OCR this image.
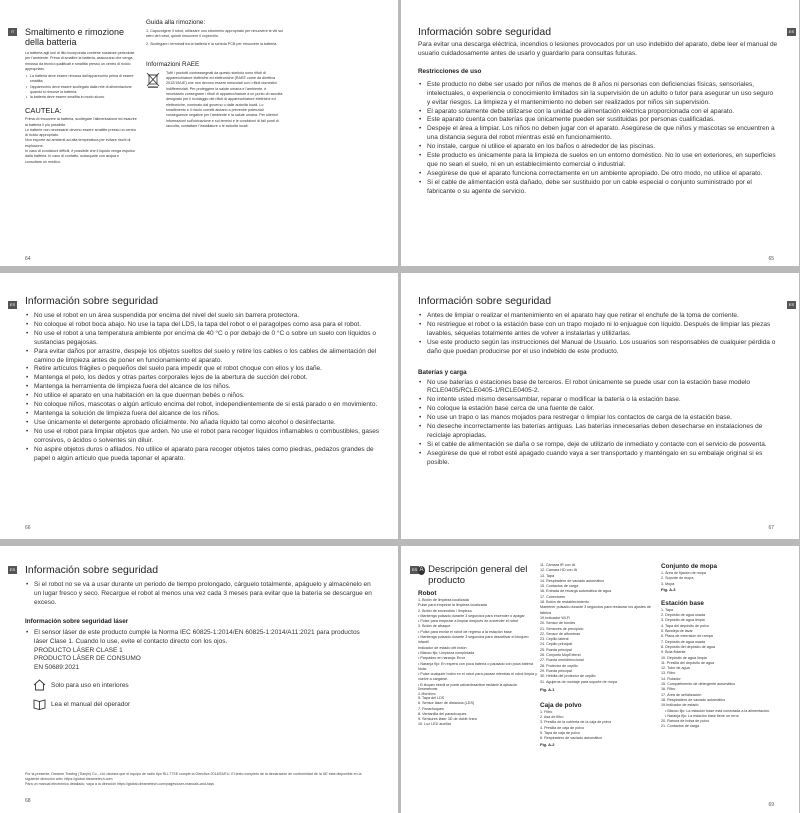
IT	Smaltimento e rimozione della batteria

La batteria agli ioni di litio incorporata contiene sostanze pericolose per l'ambiente. Prima di smaltire la batteria, assicurarsi che venga rimossa da tecnici qualificati e smaltita presso un centro di riciclo appropriato.

• La batteria deve essere rimossa dall'apparecchio prima di essere smaltita;
• l'apparecchio deve essere scollegato dalla rete di alimentazione quando si rimuove la batteria;
• la batteria deve essere smaltita in modo sicuro.
CAUTELA:

Prima di rimuovere la batteria, scollegare l'alimentazione ed esaurire la batteria il più possibile.

Le batterie non necessarie devono essere smaltite presso un centro di riciclo appropriato.

Non esporre ad ambienti ad alta temperatura per evitare rischi di esplosione.

In caso di condizioni difficili, è possibile che il liquido venga espulso dalla batteria. In caso di contatto, sciacquare con acqua e consultare un medico.

Guida alla rimozione:

1. Capovolgere il robot, utilizzare uno strumento appropriato per rimuovere le viti sul retro del robot, quindi rimuovere il coperchio.

2. Scollegare i terminali tra la batteria e la scheda PCB per rimuovere la batteria.

Informazioni RAEE

Tutti i prodotti contrassegnati da questo simbolo sono rifiuti di apparecchiature elettriche ed elettroniche (RAEE come da direttiva 2012/19/UE) che non devono essere mescolati con i rifiuti domestici indifferenziati. Per proteggere la salute umana e l'ambiente, è necessario consegnare i rifiuti di apparecchiature a un punto di raccolta designato per il riciclaggio dei rifiuti di apparecchiature elettriche ed elettroniche, nominato dal governo o dalle autorità locali. Lo smaltimento e il riciclo corretti aiutano a prevenire potenziali conseguenze negative per l'ambiente e la salute umana. Per ulteriori informazioni sull'ubicazione e sui termini e le condizioni di tali punti di raccolta, contattare l'installatore o le autorità locali.

64
ES
Información sobre seguridad

Para evitar una descarga eléctrica, incendios o lesiones provocados por un uso indebido del aparato, debe leer el manual de usuario cuidadosamente antes de usarlo y guardarlo para consultas futuras.

Restricciones de uso
• Este producto no debe ser usado por niños de menos de 8 años ni personas con deficiencias físicas, sensoriales, intelectuales, o experiencia o conocimiento limitados sin la supervisión de un adulto o tutor para asegurar un uso seguro y evitar riesgos. La limpieza y el mantenimiento no deben ser realizados por niños sin supervisión.
• El aparato solamente debe utilizarse con la unidad de alimentación eléctrica proporcionada con el aparato.
• Este aparato cuenta con baterías que únicamente pueden ser sustituidas por personas cualificadas.
• Despeje el área a limpiar. Los niños no deben jugar con el aparato. Asegúrese de que niños y mascotas se encuentren a una distancia segura del robot mientras esté en funcionamiento.
• No instale, cargue ni utilice el aparato en los baños o alrededor de las piscinas.
• Este producto es únicamente para la limpieza de suelos en un entorno doméstico. No lo use en exteriores, en superficies que no sean el suelo, ni en un establecimiento comercial o industrial.
• Asegúrese de que el aparato funciona correctamente en un ambiente apropiado. De otro modo, no utilice el aparato.
• Si el cable de alimentación está dañado, debe ser sustituido por un cable especial o conjunto suministrado por el fabricante o su agente de servicio.
65
ES Información sobre seguridad
• No use el robot en un área suspendida por encima del nivel del suelo sin barrera protectora.
• No coloque el robot boca abajo. No use la tapa del LDS, la tapa del robot o el paragolpes como asa para el robot.
• No use el robot a una temperatura ambiente por encima de 40 °C o por debajo de 0 °C o sobre un suelo con líquidos o sustancias pegajosas.
• Para evitar daños por arrastre, despeje los objetos sueltos del suelo y retire los cables o los cables de alimentación del camino de limpieza antes de poner en funcionamiento el aparato.
• Retire artículos frágiles o pequeños del suelo para impedir que el robot choque con ellos y los dañe.
• Mantenga el pelo, los dedos y otras partes corporales lejos de la abertura de succión del robot.
• Mantenga la herramienta de limpieza fuera del alcance de los niños.
• No utilice el aparato en una habitación en la que duerman bebés o niños.
• No coloque niños, mascotas o algún artículo encima del robot, independientemente de si está parado o en movimiento.
• Mantenga la solución de limpieza fuera del alcance de los niños.
• Use únicamente el detergente aprobado oficialmente. No añada líquido tal como alcohol o desinfectante.
• No use el robot para limpiar objetos que arden. No use el robot para recoger líquidos inflamables o combustibles, gases corrosivos, o ácidos o solventes sin diluir.
• No aspire objetos duros o afilados. No utilice el aparato para recoger objetos tales como piedras, pedazos grandes de papel o algún artículo que pueda taponar el aparato.
66
ES
Información sobre seguridad
• Antes de limpiar o realizar el mantenimiento en el aparato hay que retirar el enchufe de la toma de corriente.
• No restriegue el robot o la estación base con un trapo mojado ni lo enjuague con líquido. Después de limpiar las piezas lavables, séquelas totalmente antes de volver a instalarlas y utilizarlas.
• Use este producto según las instrucciones del Manual de Usuario. Los usuarios son responsables de cualquier pérdida o daño que puedan producirse por el uso indebido de este producto.
Baterías y carga
• No use baterías o estaciones base de terceros. El robot únicamente se puede usar con la estación base modelo RCLE0405/RCLE0405-1/RCLE0405-2.
• No intente usted mismo desensamblar, reparar o modificar la batería o la estación base.
• No coloque la estación base cerca de una fuente de calor.
• No use un trapo o las manos mojados para restregar o limpiar los contactos de carga de la estación base.
• No deseche incorrectamente las baterías antiguas. Las baterías innecesarias deben desecharse en instalaciones de reciclaje apropiadas.
• Si el cable de alimentación se daña o se rompe, deje de utilizarlo de inmediato y contacte con el servicio de posventa.
• Asegúrese de que el robot esté apagado cuando vaya a ser transportado y manténgalo en su embalaje original si es posible.
67
ES Información sobre seguridad
• Si el robot no se va a usar durante un periodo de tiempo prolongado, cárguelo totalmente, apáguelo y almacénelo en un lugar fresco y seco. Recargue el robot al menos una vez cada 3 meses para evitar que la batería se descargue en exceso.
Información sobre seguridad láser
• El sensor láser de este producto cumple la Norma IEC 60825-1:2014/EN 60825-1:2014/A11:2021 para productos láser Clase 1. Cuando lo use, evite el contacto directo con los ojos.
PRODUCTO LÁSER CLASE 1
PRODUCTO LÁSER DE CONSUMO
EN 50689:2021
Solo para uso en interiores
Lea el manual del operador

Por la presente, Dreame Trading (Tianjin) Co., Ltd. declara que el equipo de radio tipo RLL77SE cumple la Directiva 2014/53/EU. El texto completo de la declaración de conformidad de la UE está disponible en la siguiente dirección web: https://global.dreametech.com

Para un manual electrónico detallado, vaya a la dirección https://global.dreametech.com/pages/user-manuals-and-faqs

68
ES A Descripción general del producto
Robot
1. Botón de limpieza localizada
Pulse para empezar la limpieza localizada
2. Botón de encendido / limpieza
• Mantenga pulsado durante 3 segundos para encender o apagar
• Pulse para empezar a limpiar después de encender el robot
3. Botón de atraque
• Pulse para enviar el robot de regreso a la estación base
• Mantenga pulsado durante 3 segundos para desactivar el bloqueo infantil
Indicador de estado del botón
• Blanco fijo: Limpieza completada
• Parpadeo en naranja: Error
• Naranja fijo: En espera con poca batería o pausado con poca batería
Nota:
• Pulse cualquier botón en el robot para pausar mientras el robot limpia y vuelve a cargarse.
• El bloqueo infantil se puede activar/desactivar mediante la aplicación Dreamehome.
4. Micrófono
5. Tapa del LDS
6. Sensor láser de distancia (LDS)
7. Parachoques
8. Ventanilla del parachoques
9. Sensores láser 3D de doble línea
10. Luz LED auxiliar
11. Cámara IR con IA
12. Cámara HD con IA
13. Tapa
14. Respiradero de vaciado automático
15. Contactos de carga
16. Entrada de recarga automática de agua
17. Conectores
18. Botón de restablecimiento
Mantener pulsado durante 3 segundos para restaurar los ajustes de fábrica
19.Indicador Wi-Fi
20. Sensor de bordes
21. Sensores de precipicio
22. Sensor de alfombras
23. Cepillo lateral
24. Cepillo principal
25. Rueda principal
26. Conjunto MopExtend
27. Rueda omnidireccional
28. Protector de cepillo
29. Rueda principal
30. Hebilla del protector de cepillo
31. Agujeros de montaje para soporte de mopa
Fig. A-1
Caja de polvo
1. Filtro
2. Asa de filtro
3. Presilla de la cubierta de la caja de polvo
4. Presilla de caja de polvo
5. Tapa de caja de polvo
6. Respiradero de vaciado automático
Fig. A-2
Conjunto de mopa
1. Área de fijación de mopa
2. Soporte de mopa
3. Mopa
Fig. A-3
Estación base
1. Tapa
2. Depósito de agua usada
3. Depósito de agua limpia
4. Tapa del depósito de polvo
5. Bandeja de lavar
6. Placa de extensión de rampa
7. Depósito de agua usada
8. Depósito del depósito de agua
9. Bola flotante
10. Depósito de agua limpia
11. Presilla del depósito de agua
12. Tubo de agua
13. Filtro
14. Flotador
15. Compartimento de detergente automático
16. Filtro
17. Área de señalización
18. Respiradero de vaciado automático
19.Indicador de estado
• Blanco fijo: La estación base está conectada a la alimentación.
• Naranja fijo: La estación base tiene un error
20. Ranura de bolsa de polvo
21. Contactos de carga
69
